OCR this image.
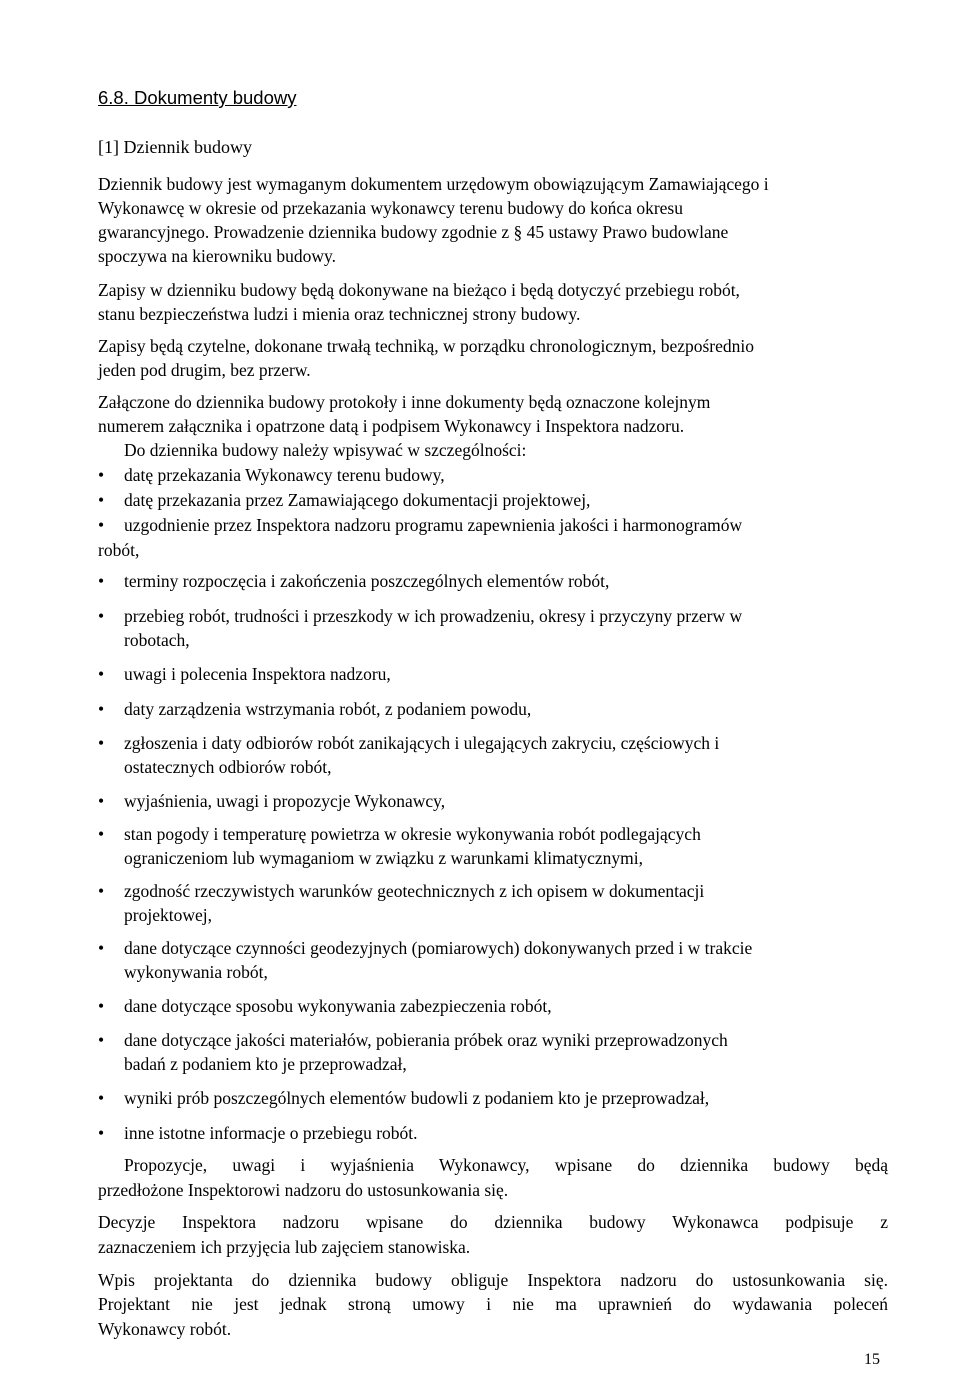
6.8. Dokumenty budowy
[1] Dziennik budowy
Dziennik budowy jest wymaganym dokumentem urzędowym obowiązującym Zamawiającego i
Wykonawcę w okresie od przekazania wykonawcy terenu budowy do końca okresu
gwarancyjnego. Prowadzenie dziennika budowy zgodnie z § 45 ustawy Prawo budowlane
spoczywa na kierowniku budowy.
Zapisy w dzienniku budowy będą dokonywane na bieżąco i będą dotyczyć przebiegu robót,
stanu bezpieczeństwa ludzi i mienia oraz technicznej strony budowy.
Zapisy będą czytelne, dokonane trwałą techniką, w porządku chronologicznym, bezpośrednio
jeden pod drugim, bez przerw.
Załączone do dziennika budowy protokoły i inne dokumenty będą oznaczone kolejnym
numerem załącznika i opatrzone datą i podpisem Wykonawcy i Inspektora nadzoru.
Do dziennika budowy należy wpisywać w szczególności:
• datę przekazania Wykonawcy terenu budowy,
• datę przekazania przez Zamawiającego dokumentacji projektowej,
• uzgodnienie przez Inspektora nadzoru programu zapewnienia jakości i harmonogramów
robót,
• terminy rozpoczęcia i zakończenia poszczególnych elementów robót,
• przebieg robót, trudności i przeszkody w ich prowadzeniu, okresy i przyczyny przerw w
robotach,
• uwagi i polecenia Inspektora nadzoru,
• daty zarządzenia wstrzymania robót, z podaniem powodu,
• zgłoszenia i daty odbiorów robót zanikających i ulegających zakryciu, częściowych i
ostatecznych odbiorów robót,
• wyjaśnienia, uwagi i propozycje Wykonawcy,
• stan pogody i temperaturę powietrza w okresie wykonywania robót podlegających
ograniczeniom lub wymaganiom w związku z warunkami klimatycznymi,
• zgodność rzeczywistych warunków geotechnicznych z ich opisem w dokumentacji
projektowej,
• dane dotyczące czynności geodezyjnych (pomiarowych) dokonywanych przed i w trakcie
wykonywania robót,
• dane dotyczące sposobu wykonywania zabezpieczenia robót,
• dane dotyczące jakości materiałów, pobierania próbek oraz wyniki przeprowadzonych
badań z podaniem kto je przeprowadzał,
• wyniki prób poszczególnych elementów budowli z podaniem kto je przeprowadzał,
• inne istotne informacje o przebiegu robót.
Propozycje, uwagi i wyjaśnienia Wykonawcy, wpisane do dziennika budowy będą
przedłożone Inspektorowi nadzoru do ustosunkowania się.
Decyzje Inspektora nadzoru wpisane do dziennika budowy Wykonawca podpisuje z
zaznaczeniem ich przyjęcia lub zajęciem stanowiska.
Wpis projektanta do dziennika budowy obliguje Inspektora nadzoru do ustosunkowania się.
Projektant nie jest jednak stroną umowy i nie ma uprawnień do wydawania poleceń
Wykonawcy robót.
15
